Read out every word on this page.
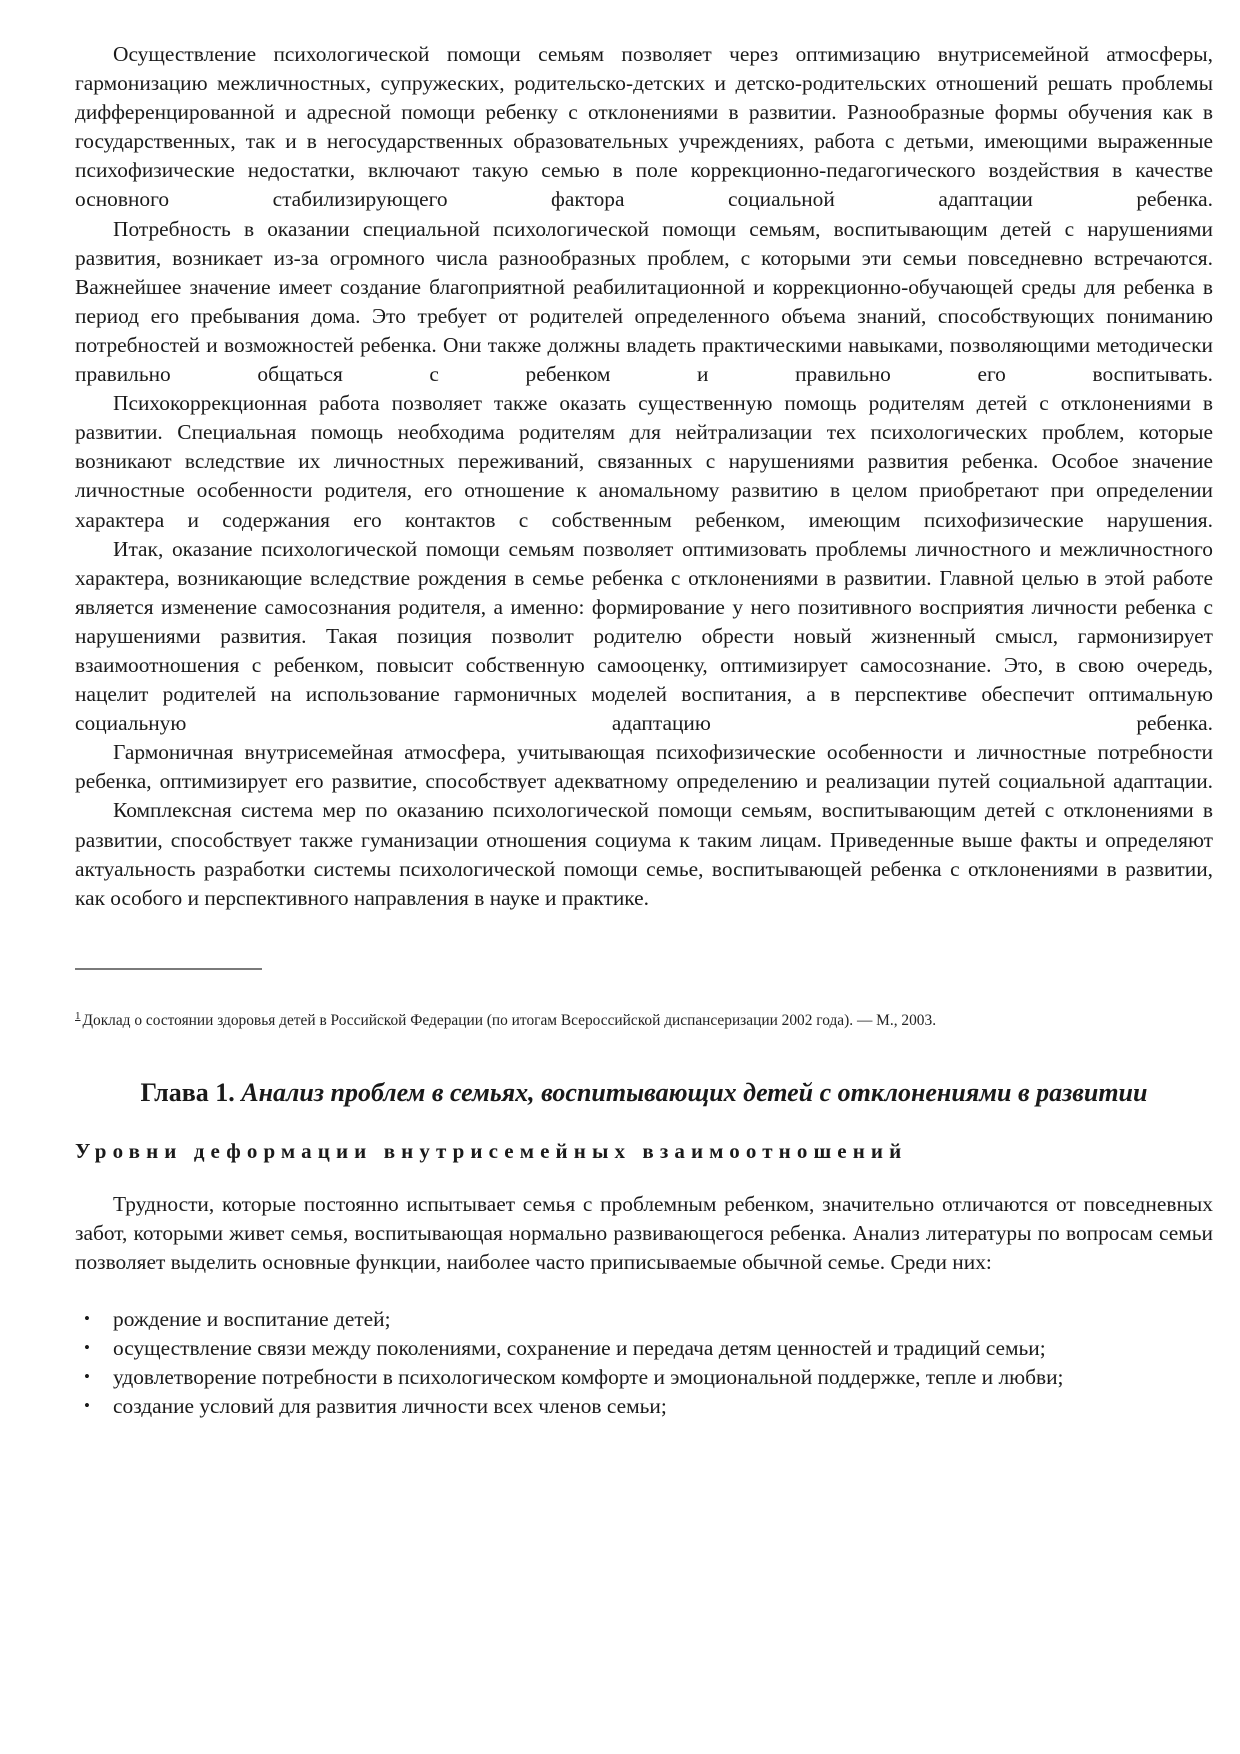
Осуществление психологической помощи семьям позволяет через оптимизацию внутрисемейной атмосферы, гармонизацию межличностных, супружеских, родительско-детских и детско-родительских отношений решать проблемы дифференцированной и адресной помощи ребенку с отклонениями в развитии. Разнообразные формы обучения как в государственных, так и в негосударственных образовательных учреждениях, работа с детьми, имеющими выраженные психофизические недостатки, включают такую семью в поле коррекционно-педагогического воздействия в качестве основного стабилизирующего фактора социальной адаптации ребенка.

Потребность в оказании специальной психологической помощи семьям, воспитывающим детей с нарушениями развития, возникает из-за огромного числа разнообразных проблем, с которыми эти семьи повседневно встречаются. Важнейшее значение имеет создание благоприятной реабилитационной и коррекционно-обучающей среды для ребенка в период его пребывания дома. Это требует от родителей определенного объема знаний, способствующих пониманию потребностей и возможностей ребенка. Они также должны владеть практическими навыками, позволяющими методически правильно общаться с ребенком и правильно его воспитывать.

Психокоррекционная работа позволяет также оказать существенную помощь родителям детей с отклонениями в развитии. Специальная помощь необходима родителям для нейтрализации тех психологических проблем, которые возникают вследствие их личностных переживаний, связанных с нарушениями развития ребенка. Особое значение личностные особенности родителя, его отношение к аномальному развитию в целом приобретают при определении характера и содержания его контактов с собственным ребенком, имеющим психофизические нарушения.

Итак, оказание психологической помощи семьям позволяет оптимизовать проблемы личностного и межличностного характера, возникающие вследствие рождения в семье ребенка с отклонениями в развитии. Главной целью в этой работе является изменение самосознания родителя, а именно: формирование у него позитивного восприятия личности ребенка с нарушениями развития. Такая позиция позволит родителю обрести новый жизненный смысл, гармонизирует взаимоотношения с ребенком, повысит собственную самооценку, оптимизирует самосознание. Это, в свою очередь, нацелит родителей на использование гармоничных моделей воспитания, а в перспективе обеспечит оптимальную социальную адаптацию ребенка.

Гармоничная внутрисемейная атмосфера, учитывающая психофизические особенности и личностные потребности ребенка, оптимизирует его развитие, способствует адекватному определению и реализации путей социальной адаптации.

Комплексная система мер по оказанию психологической помощи семьям, воспитывающим детей с отклонениями в развитии, способствует также гуманизации отношения социума к таким лицам. Приведенные выше факты и определяют актуальность разработки системы психологической помощи семье, воспитывающей ребенка с отклонениями в развитии, как особого и перспективного направления в науке и практике.

$^1$ Доклад о состоянии здоровья детей в Российской Федерации (по итогам Всероссийской диспансеризации 2002 года). — М., 2003.

Глава 1. Анализ проблем в семьях, воспитывающих детей с отклонениями в развитии
Уровни деформации внутрисемейных взаимоотношений

Трудности, которые постоянно испытывает семья с проблемным ребенком, значительно отличаются от повседневных забот, которыми живет семья, воспитывающая нормально развивающегося ребенка. Анализ литературы по вопросам семьи позволяет выделить основные функции, наиболее часто приписываемые обычной семье. Среди них:

• рождение и воспитание детей;
• осуществление связи между поколениями, сохранение и передача детям ценностей и традиций семьи;
• удовлетворение потребности в психологическом комфорте и эмоциональной поддержке, тепле и любви;
• создание условий для развития личности всех членов семьи;
